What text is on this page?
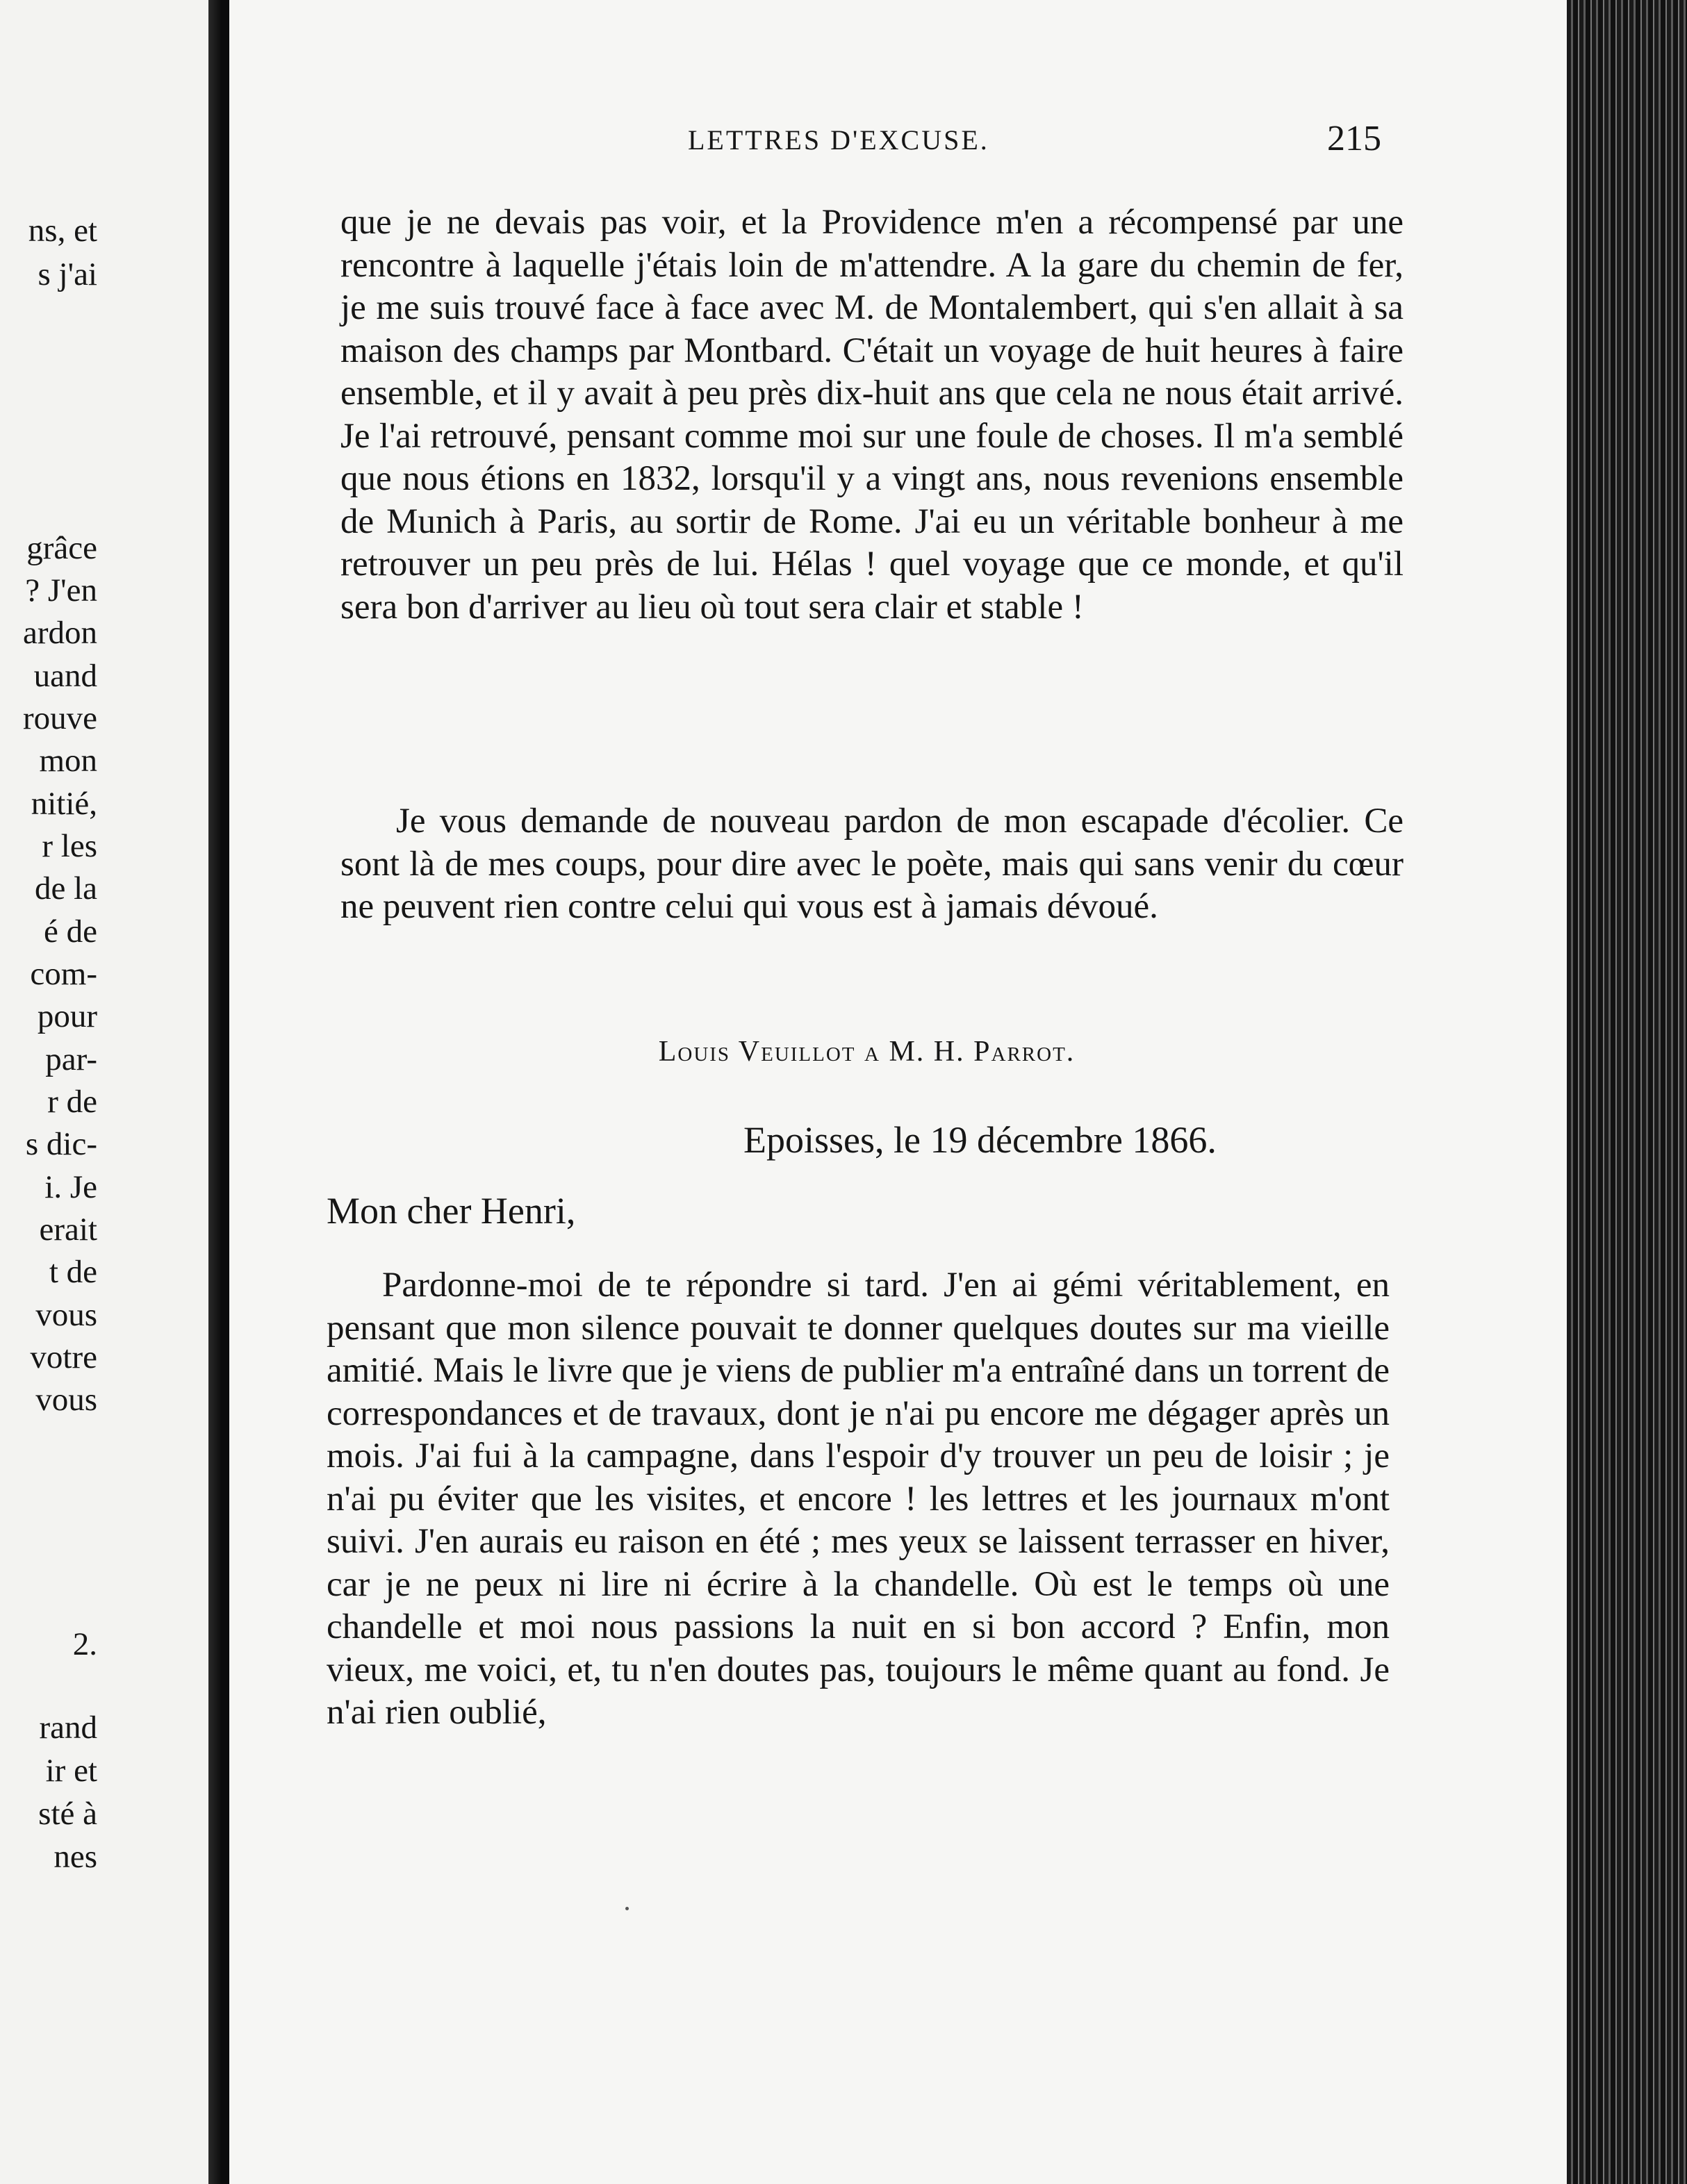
ns, et
s j'ai
grâce
? J'en
ardon
uand
rouve
mon
nitié,
r les
de la
é de
com-
pour
par-
r de
s dic-
i. Je
erait
t de
vous
votre
vous
2.
rand
ir et
sté à
nes
LETTRES D'EXCUSE.	215

que je ne devais pas voir, et la Providence m'en a récompensé par une rencontre à laquelle j'étais loin de m'attendre. A la gare du chemin de fer, je me suis trouvé face à face avec M. de Montalembert, qui s'en allait à sa maison des champs par Montbard. C'était un voyage de huit heures à faire ensemble, et il y avait à peu près dix-huit ans que cela ne nous était arrivé. Je l'ai retrouvé, pensant comme moi sur une foule de choses. Il m'a semblé que nous étions en 1832, lorsqu'il y a vingt ans, nous revenions ensemble de Munich à Paris, au sortir de Rome. J'ai eu un véritable bonheur à me retrouver un peu près de lui. Hélas ! quel voyage que ce monde, et qu'il sera bon d'arriver au lieu où tout sera clair et stable !

Je vous demande de nouveau pardon de mon escapade d'écolier. Ce sont là de mes coups, pour dire avec le poète, mais qui sans venir du cœur ne peuvent rien contre celui qui vous est à jamais dévoué.

Louis Veuillot a M. H. Parrot.
Epoisses, le 19 décembre 1866.
Mon cher Henri,

Pardonne-moi de te répondre si tard. J'en ai gémi véritablement, en pensant que mon silence pouvait te donner quelques doutes sur ma vieille amitié. Mais le livre que je viens de publier m'a entraîné dans un torrent de correspondances et de travaux, dont je n'ai pu encore me dégager après un mois. J'ai fui à la campagne, dans l'espoir d'y trouver un peu de loisir ; je n'ai pu éviter que les visites, et encore ! les lettres et les journaux m'ont suivi. J'en aurais eu raison en été ; mes yeux se laissent terrasser en hiver, car je ne peux ni lire ni écrire à la chandelle. Où est le temps où une chandelle et moi nous passions la nuit en si bon accord ? Enfin, mon vieux, me voici, et, tu n'en doutes pas, toujours le même quant au fond. Je n'ai rien oublié,
